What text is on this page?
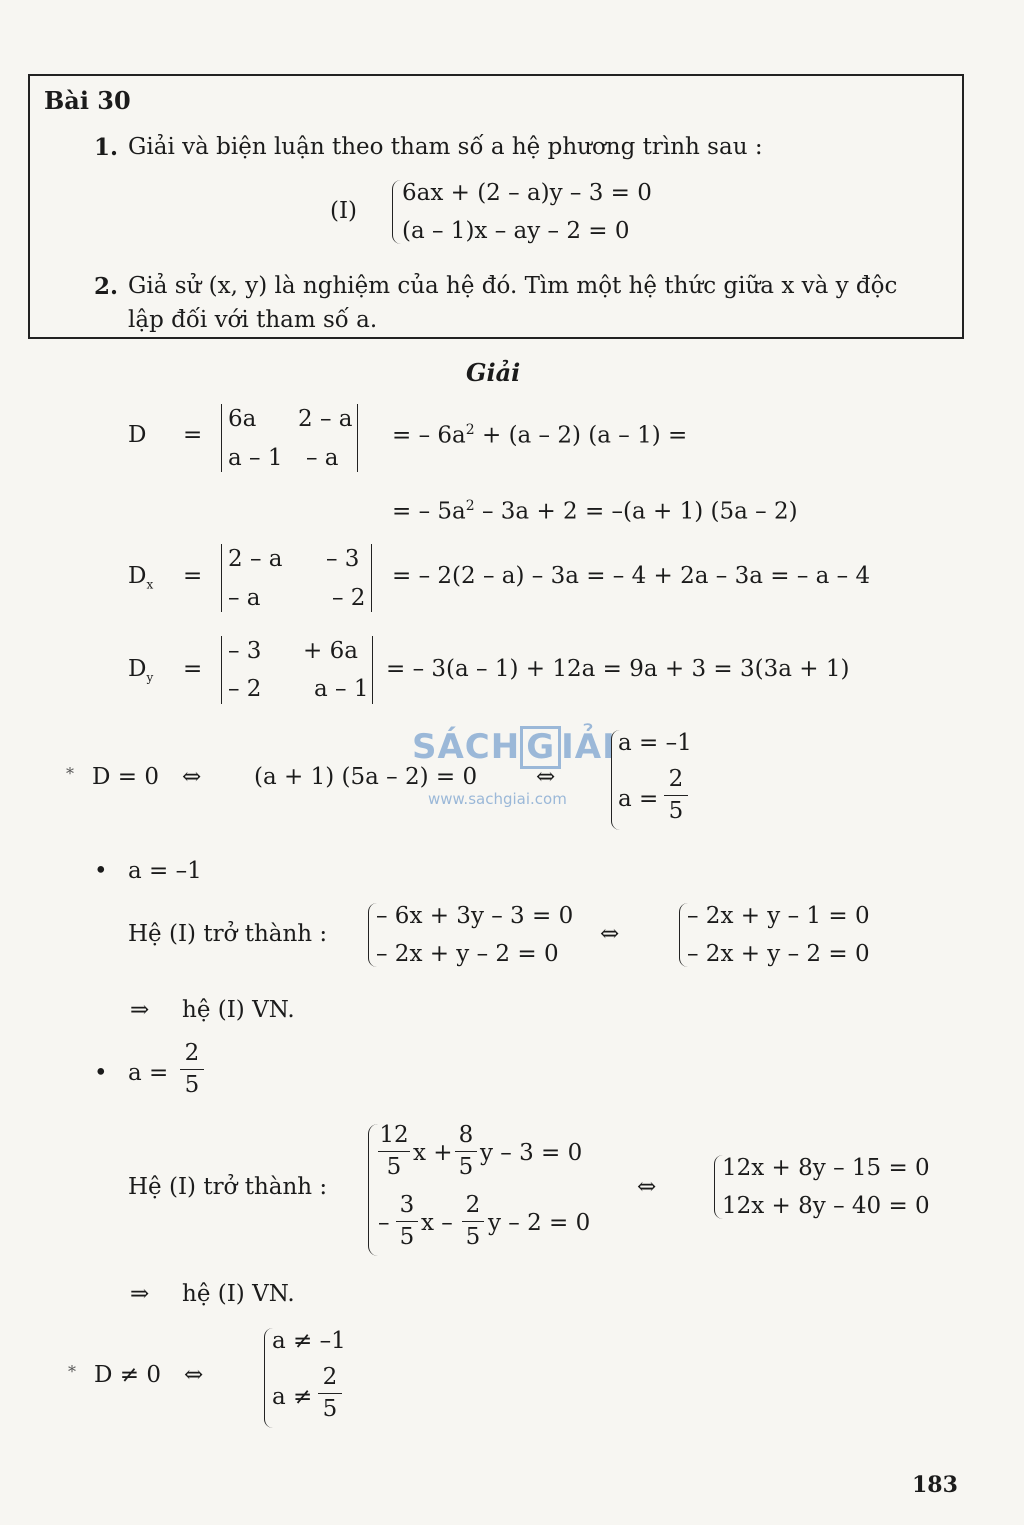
Bài 30
1. Giải và biện luận theo tham số a hệ phương trình sau :
(I)
6ax + (2 – a)y – 3 = 0
(a – 1)x – ay – 2 = 0
2. Giả sử (x, y) là nghiệm của hệ đó. Tìm một hệ thức giữa x và y độc
lập đối với tham số a.
Giải
D =
6a 2 – a
a – 1 – a
= – $6a^2 + (a - 2)$ (a – 1) =
= – $5a^2 - 3a + 2 = -(a + 1)$ (5a – 2)
$D_x$ =
2 – a – 3
– a	– 2
= – 2(2 – a) – 3a = – 4 + 2a – 3a = – a – 4
$D_y$ =
– 3 + 6a
– 2 a – 1
= – 3(a – 1) + 12a = 9a + 3 = 3(3a + 1)
SÁCH G IẢI
www.sachgiai.com
* D = 0 ⇔ (a + 1) (5a – 2) = 0	⇔
a = –1
a =
2
5
• a = –1
Hệ (I) trở thành :
– 6x + 3y – 3 = 0
– 2x + y – 2 = 0
⇔
– 2x + y – 1 = 0
– 2x + y – 2 = 0
⇒ hệ (I) VN.
• a =
2
5
Hệ (I) trở thành :
12
5
x +
8
5
y – 3 = 0
–
3
5
x –
2
5
y – 2 = 0
⇔
12x + 8y – 15 = 0
12x + 8y – 40 = 0
⇒ hệ (I) VN.
* D ≠ 0 ⇔
a ≠ –1
a ≠
2
5
183
